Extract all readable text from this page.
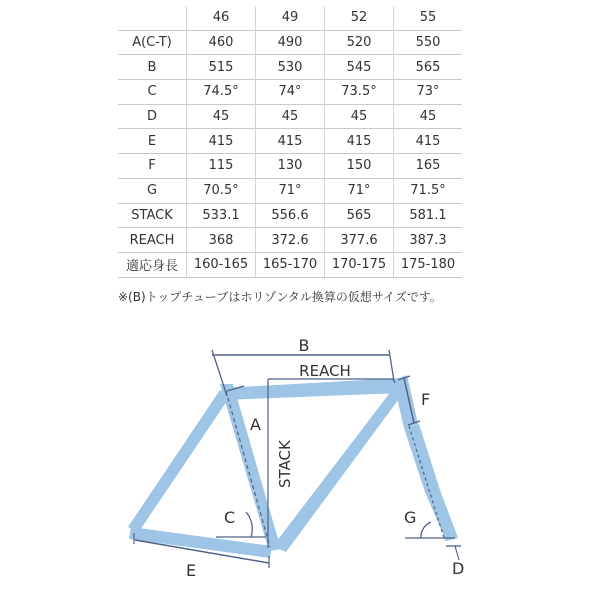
	46	49	52	55
A(C-T)	460	490	520	550
B	515	530	545	565
C	74.5°	74°	73.5°	73°
D	45	45	45	45
E	415	415	415	415
F	115	130	150	165
G	70.5°	71°	71°	71.5°
STACK	533.1	556.6	565	581.1
REACH	368	372.6	377.6	387.3
適応身長	160-165	165-170	170-175	175-180
※(B)トップチューブはホリゾンタル換算の仮想サイズです。
B
REACH
A
STACK
C
E
F
G
D
